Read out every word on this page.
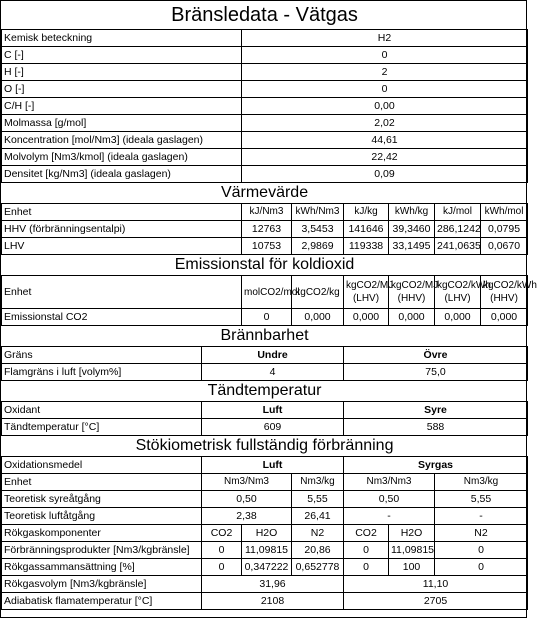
Bränsledata - Vätgas							
Kemisk beteckning		H2					
C [-]		0					
H [-]		2					
O [-]		0					
C/H [-]		0,00					
Molmassa [g/mol]		2,02					
Koncentration [mol/Nm3] (ideala gaslagen)		44,61					
Molvolym [Nm3/kmol] (ideala gaslagen)		22,42					
Densitet [kg/Nm3] (ideala gaslagen)		0,09					
Värmevärde							
Enhet		kJ/Nm3	kWh/Nm3	kJ/kg	kWh/kg	kJ/mol	kWh/mol
HHV (förbränningsentalpi)		12763	3,5453	141646	39,3460	286,1242	0,0795
LHV		10753	2,9869	119338	33,1495	241,0635	0,0670
Emissionstal för koldioxid							
Enhet		molCO2/mol	kgCO2/kg	kgCO2/MJ (LHV)	kgCO2/MJ (HHV)	kgCO2/kWh (LHV)	kgCO2/kWh (HHV)
Emissionstal CO2		0	0,000	0,000	0,000	0,000	0,000
Brännbarhet							
Gräns	Undre			Övre			
Flamgräns i luft [volym%]	4			75,0			
Tändtemperatur							
Oxidant	Luft			Syre			
Tändtemperatur [°C]	609			588			
Stökiometrisk fullständig förbränning							
Oxidationsmedel	Luft			Syrgas			
Enhet	Nm3/Nm3		Nm3/kg	Nm3/Nm3		Nm3/kg	
Teoretisk syreåtgång	0,50		5,55	0,50		5,55	
Teoretisk luftåtgång	2,38		26,41	-		-	
Rökgaskomponenter	CO2	H2O	N2	CO2	H2O	N2	
Förbränningsprodukter [Nm3/kgbränsle]	0	11,09815	20,86	0	11,09815	0	
Rökgassammansättning [%]	0	0,347222	0,652778	0	100	0	
Rökgasvolym [Nm3/kgbränsle]	31,96			11,10			
Adiabatisk flamatemperatur [°C]	2108			2705			
